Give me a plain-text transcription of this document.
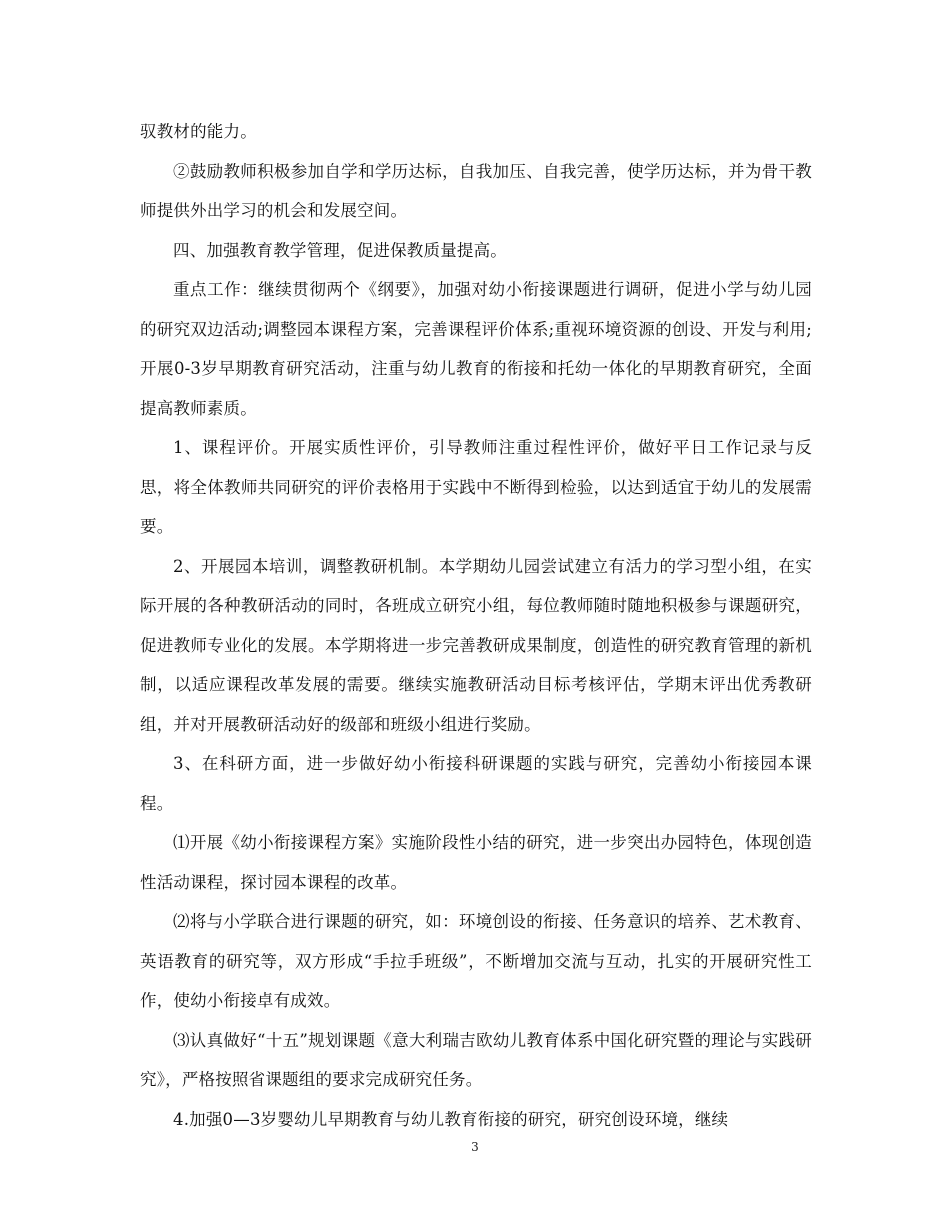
驭教材的能力。

②鼓励教师积极参加自学和学历达标，自我加压、自我完善，使学历达标，并为骨干教师提供外出学习的机会和发展空间。

四、加强教育教学管理，促进保教质量提高。

重点工作：继续贯彻两个《纲要》，加强对幼小衔接课题进行调研，促进小学与幼儿园的研究双边活动;调整园本课程方案，完善课程评价体系;重视环境资源的创设、开发与利用;开展0-3岁早期教育研究活动，注重与幼儿教育的衔接和托幼一体化的早期教育研究，全面提高教师素质。

1、课程评价。开展实质性评价，引导教师注重过程性评价，做好平日工作记录与反思，将全体教师共同研究的评价表格用于实践中不断得到检验，以达到适宜于幼儿的发展需要。

2、开展园本培训，调整教研机制。本学期幼儿园尝试建立有活力的学习型小组，在实际开展的各种教研活动的同时，各班成立研究小组，每位教师随时随地积极参与课题研究，促进教师专业化的发展。本学期将进一步完善教研成果制度，创造性的研究教育管理的新机制，以适应课程改革发展的需要。继续实施教研活动目标考核评估，学期末评出优秀教研组，并对开展教研活动好的级部和班级小组进行奖励。

3、在科研方面，进一步做好幼小衔接科研课题的实践与研究，完善幼小衔接园本课程。

⑴开展《幼小衔接课程方案》实施阶段性小结的研究，进一步突出办园特色，体现创造性活动课程，探讨园本课程的改革。

⑵将与小学联合进行课题的研究，如：环境创设的衔接、任务意识的培养、艺术教育、英语教育的研究等，双方形成“手拉手班级”，不断增加交流与互动，扎实的开展研究性工作，使幼小衔接卓有成效。

⑶认真做好“十五”规划课题《意大利瑞吉欧幼儿教育体系中国化研究暨的理论与实践研究》，严格按照省课题组的要求完成研究任务。

4.加强0—3岁婴幼儿早期教育与幼儿教育衔接的研究，研究创设环境，继续

3
